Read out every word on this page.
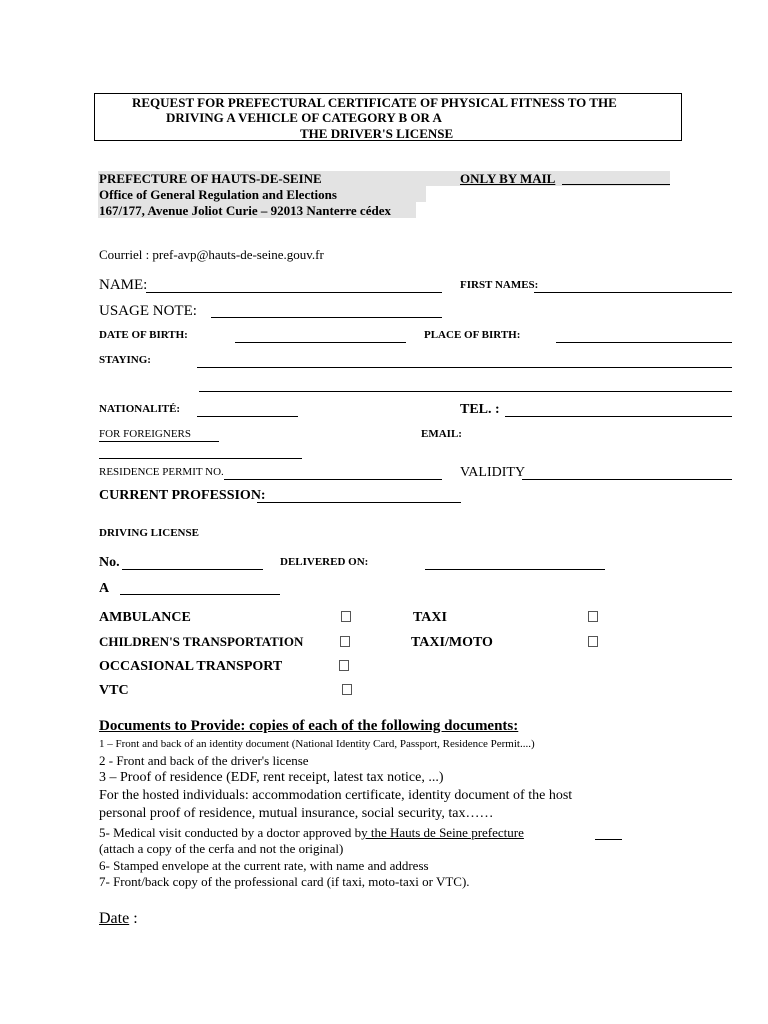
REQUEST FOR PREFECTURAL CERTIFICATE OF PHYSICAL FITNESS TO THE
DRIVING A VEHICLE OF CATEGORY B OR A
THE DRIVER'S LICENSE
PREFECTURE OF HAUTS-DE-SEINE	ONLY BY MAIL
Office of General Regulation and Elections
167/177, Avenue Joliot Curie – 92013 Nanterre cédex
Courriel : pref-avp@hauts-de-seine.gouv.fr
NAME:	FIRST NAMES:
USAGE NOTE:
DATE OF BIRTH:	PLACE OF BIRTH:
STAYING:
NATIONALITÉ:	TEL. :
FOR FOREIGNERS	EMAIL:
RESIDENCE PERMIT NO.	VALIDITY
CURRENT PROFESSION:
DRIVING LICENSE
No.	DELIVERED ON:
A
AMBULANCE	TAXI
CHILDREN'S TRANSPORTATION	TAXI/MOTO
OCCASIONAL TRANSPORT
VTC
Documents to Provide: copies of each of the following documents:
1 – Front and back of an identity document (National Identity Card, Passport, Residence Permit....)
2 - Front and back of the driver's license
3 – Proof of residence (EDF, rent receipt, latest tax notice, ...)
For the hosted individuals: accommodation certificate, identity document of the host
personal proof of residence, mutual insurance, social security, tax……
5- Medical visit conducted by a doctor approved by the Hauts de Seine prefecture
(attach a copy of the cerfa and not the original)
6- Stamped envelope at the current rate, with name and address
7- Front/back copy of the professional card (if taxi, moto-taxi or VTC).
Date :
